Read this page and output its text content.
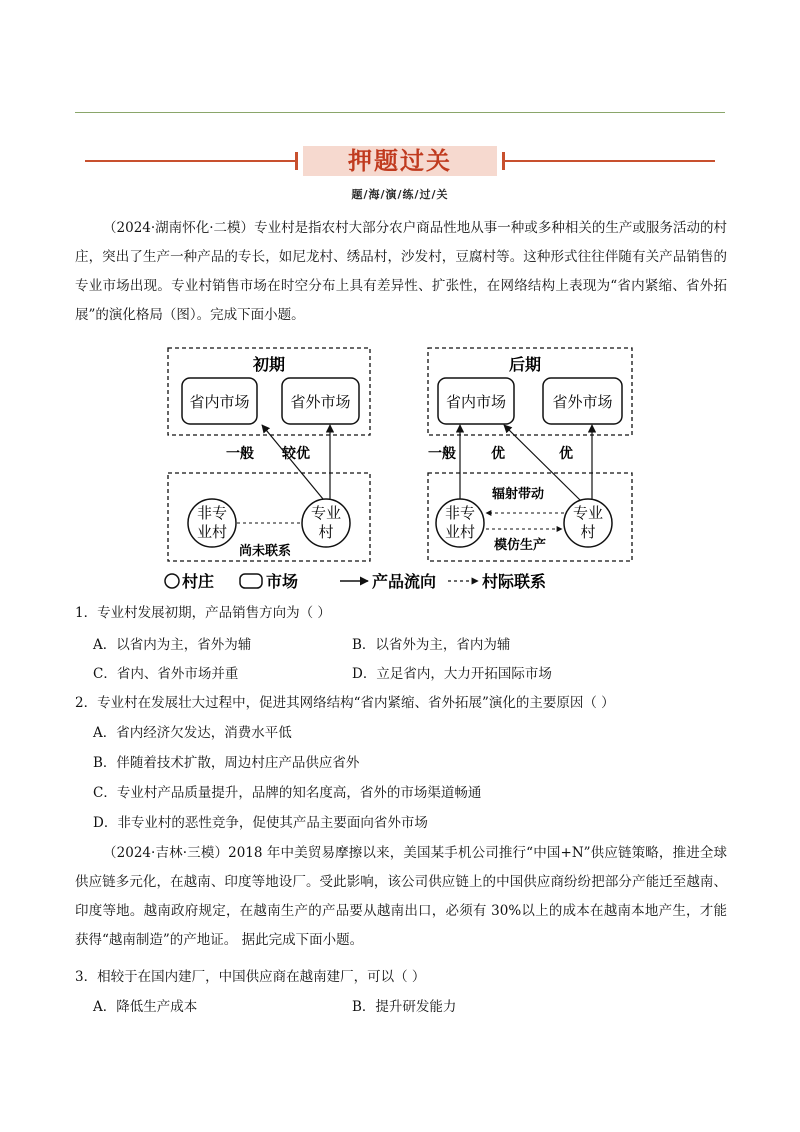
押题过关
题/海/演/练/过/关
（2024·湖南怀化·二模）专业村是指农村大部分农户商品性地从事一种或多种相关的生产或服务活动的村庄，突出了生产一种产品的专长，如尼龙村、绣品村，沙发村，豆腐村等。这种形式往往伴随有关产品销售的专业市场出现。专业村销售市场在时空分布上具有差异性、扩张性，在网络结构上表现为“省内紧缩、省外拓展”的演化格局（图）。完成下面小题。
初期
省内市场	省外市场
一般 较优
非专
业村
专业
村
尚未联系
后期
省内市场	省外市场
一般	优	优
非专
业村
专业
村
辐射带动
模仿生产
村庄	市场	产品流向	村际联系
1．专业村发展初期，产品销售方向为（ ）
A．以省内为主，省外为辅	B．以省外为主，省内为辅
C．省内、省外市场并重	D．立足省内，大力开拓国际市场
2．专业村在发展壮大过程中，促进其网络结构“省内紧缩、省外拓展”演化的主要原因（ ）
A．省内经济欠发达，消费水平低
B．伴随着技术扩散，周边村庄产品供应省外
C．专业村产品质量提升，品牌的知名度高，省外的市场渠道畅通
D．非专业村的恶性竞争，促使其产品主要面向省外市场
（2024·吉林·三模）2018 年中美贸易摩擦以来，美国某手机公司推行“中国+N”供应链策略，推进全球供应链多元化，在越南、印度等地设厂。受此影响，该公司供应链上的中国供应商纷纷把部分产能迁至越南、印度等地。越南政府规定，在越南生产的产品要从越南出口，必须有 30%以上的成本在越南本地产生，才能获得“越南制造”的产地证。 据此完成下面小题。
3．相较于在国内建厂，中国供应商在越南建厂，可以（ ）
A．降低生产成本	B．提升研发能力
